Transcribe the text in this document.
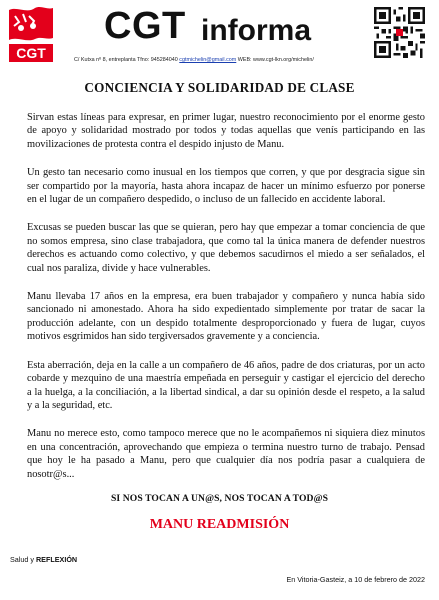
CGT
CGT informa
C/ Kutxa nº 8, entreplanta Tfno: 945284040 cgtmichelin@gmail.com WEB: www.cgt-lkn.org/michelin/
CONCIENCIA Y SOLIDARIDAD DE CLASE

Sirvan estas líneas para expresar, en primer lugar, nuestro reconocimiento por el enorme gesto de apoyo y solidaridad mostrado por todos y todas aquellas que venís participando en las movilizaciones de protesta contra el despido injusto de Manu.

Un gesto tan necesario como inusual en los tiempos que corren, y que por desgracia sigue sin ser compartido por la mayoría, hasta ahora incapaz de hacer un mínimo esfuerzo por ponerse en el lugar de un compañero despedido, o incluso de un fallecido en accidente laboral.

Excusas se pueden buscar las que se quieran, pero hay que empezar a tomar conciencia de que no somos empresa, sino clase trabajadora, que como tal la única manera de defender nuestros derechos es actuando como colectivo, y que debemos sacudirnos el miedo a ser señalados, el cual nos paraliza, divide y hace vulnerables.

Manu llevaba 17 años en la empresa, era buen trabajador y compañero y nunca había sido sancionado ni amonestado. Ahora ha sido expedientado simplemente por tratar de sacar la producción adelante, con un despido totalmente desproporcionado y fuera de lugar, cuyos motivos esgrimidos han sido tergiversados gravemente y a conciencia.

Esta aberración, deja en la calle a un compañero de 46 años, padre de dos criaturas, por un acto cobarde y mezquino de una maestría empeñada en perseguir y castigar el ejercicio del derecho a la huelga, a la conciliación, a la libertad sindical, a dar su opinión desde el respeto, a la salud y a la seguridad, etc.

Manu no merece esto, como tampoco merece que no le acompañemos ni siquiera diez minutos en una concentración, aprovechando que empieza o termina nuestro turno de trabajo. Pensad que hoy le ha pasado a Manu, pero que cualquier día nos podría pasar a cualquiera de nosotr@s...

SI NOS TOCAN A UN@S, NOS TOCAN A TOD@S
MANU READMISIÓN
Salud y REFLEXIÓN
En Vitoria-Gasteiz, a 10 de febrero de 2022
